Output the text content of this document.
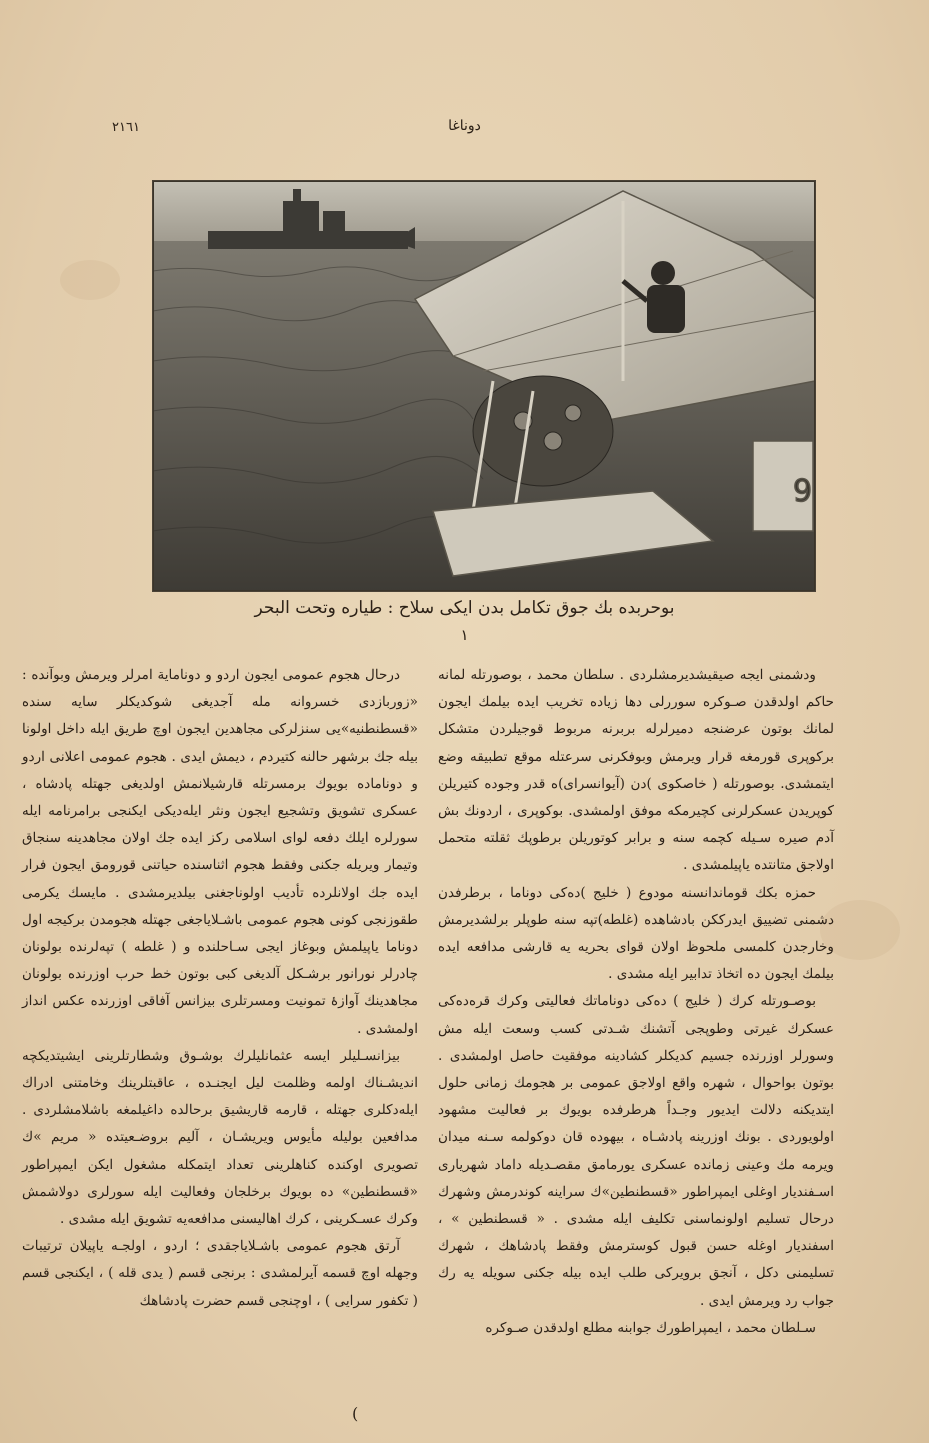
٢١٦١	دوناغا
9
بوحربده بك جوق تكامل بدن ايكى سلاح : طياره وتحت البحر
١

ودشمنى ايجه صيقيشديرمشلردى . سلطان محمد ، بوصورتله لمانه حاكم اولدقدن صـوكره سوررلى دها زياده تخريب ايده بيلمك ايجون لمانك بوتون عرضنجه دميرلرله بربرنه مربوط قوجيلردن متشكل بركوپرى قورمغه قرار ويرمش وبوفكرنى سرعتله موقع تطبيقه وضع ايتمشدى. بوصورتله ( خاصكوى )دن (آيوانسراى)ه قدر وجوده كتيريلن كوپريدن عسكرلرنى كچيرمكه موفق اولمشدى. بوكوپرى ، اردونك بش آدم صيره سـيله كچمه سنه و برابر كوتوريلن برطوپك ثقلته متحمل اولاجق متانتده ياپيلمشدى .

حمزه بكك قوماندانسنه مودوع ( خليج )ده‌كى دوناما ، برطرفدن دشمنى تضييق ايدرككن بادشاهده (غلطه)تپه سنه طوپلر برلشديرمش وخارجدن كلمسى ملحوظ اولان قواى بحريه يه قارشى مدافعه ايده بيلمك ايجون ده اتخاذ تدابير ايله مشدى .

بوصـورتله كرك ( خليج ) ده‌كى دوناماتك فعاليتى وكرك قره‌ده‌كى عسكرك غيرتى وطوپجى آتشنك شـدتى كسب وسعت ايله مش وسورلر اوزرنده جسيم كديكلر كشادينه موفقيت حاصل اولمشدى . بوتون بواحوال ، شهره واقع اولاجق عمومى بر هجومك زمانى حلول ايتديكنه دلالت ايديور وجـداً هرطرفده بويوك بر فعاليت مشهود اولويوردى . بونك اوزرينه پادشـاه ، بيهوده قان دوكولمه سـنه ميدان ويرمه مك وعينى زمانده عسكرى يورمامق مقصـديله داماد شهريارى اسـفنديار اوغلى ايمپراطور «قسطنطين»ك سراينه كوندرمش وشهرك درحال تسليم اولونماسنى تكليف ايله مشدى . « قسطنطين » ، اسفنديار اوغله حسن قبول كوسترمش وفقط پادشاهك ، شهرك تسليمنى دكل ، آنجق برويركى طلب ايده بيله جكنى سويله يه رك جواب رد ويرمش ايدى .

سـلطان محمد ، ايمپراطورك جوابنه مطلع اولدقدن صـوكره

درحال هجوم عمومى ايجون اردو و دوناماية امرلر ويرمش وبوآنده : «زوربازدى خسروانه مله آجديغى شوكديكلر سايه سنده «قسطنطنيه»يى سنزلركى مجاهدين ايجون اوچ طريق ايله داخل اولونا بيله جك برشهر حالنه كتيردم ، ديمش ايدى . هجوم عمومى اعلانى اردو و دوناماده بويوك برمسرتله قارشيلانمش اولديغى جهتله پادشاه ، عسكرى تشويق وتشجيع ايجون ونثر ايله‌ديكى ايكنجى برامرنامه ايله سورلره ايلك دفعه لواى اسلامى ركز ايده جك اولان مجاهدينه سنجاق وتيمار ويريله جكنى وفقط هجوم اثناسنده حياتنى قورومق ايجون فرار ايده جك اولانلرده تأديب اولوناجغنى بيلديرمشدى . مايسك يكرمى طقوزنجى كونى هجوم عمومى باشـلاياجغى جهتله هجومدن بركيجه اول دوناما ياپيلمش وبوغاز ايجى سـاحلنده و ( غلطه ) تپه‌لرنده بولونان چادرلر نورانور برشـكل آلديغى كبى بوتون خط حرب اوزرنده بولونان مجاهدينك آوازۀ تمونيت ومسرتلرى بيزانس آفاقى اوزرنده عكس انداز اولمشدى .

بيزانسـليلر ايسه عثمانليلرك بوشـوق وشطارتلرينى ايشيتديكچه انديشـناك اولمه وظلمت ليل ايجنـده ، عاقبتلرينك وخامتنى ادراك ايله‌دكلرى جهتله ، قارمه قاريشيق برحالده داغيلمغه باشلامشلردى . مدافعين بوليله مأيوس ويريشـان ، آليم بروضـعيتده « مريم »ك تصويرى اوكنده كناهلرينى تعداد ايتمكله مشغول ايكن ايمپراطور «قسطنطين» ده بويوك برخلجان وفعاليت ايله سورلرى دولاشمش وكرك عسـكرينى ، كرك اهاليسنى مدافعه‌يه تشويق ايله مشدى .

آرتق هجوم عمومى باشـلاياجقدى ؛ اردو ، اولجـه ياپيلان ترتيبات وجهله اوچ قسمه آيرلمشدى : برنجى قسم ( يدى قله ) ، ايكنجى قسم ( تكفور سرايى ) ، اوچنجى قسم حضرت پادشاهك

(
